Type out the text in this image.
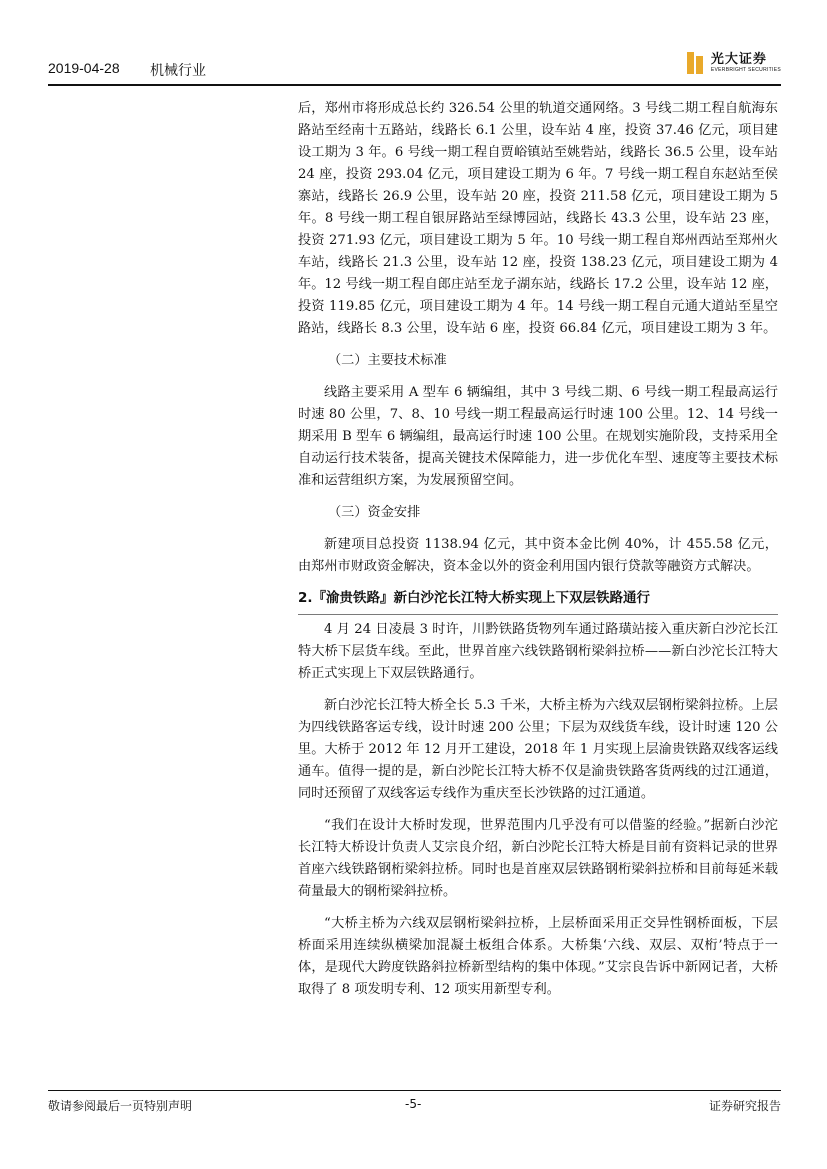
2019-04-28 机械行业
光大证券
EVERBRIGHT SECURITIES

后，郑州市将形成总长约 326.54 公里的轨道交通网络。3 号线二期工程自航海东路站至经南十五路站，线路长 6.1 公里，设车站 4 座，投资 37.46 亿元，项目建设工期为 3 年。6 号线一期工程自贾峪镇站至姚砦站，线路长 36.5 公里，设车站 24 座，投资 293.04 亿元，项目建设工期为 6 年。7 号线一期工程自东赵站至侯寨站，线路长 26.9 公里，设车站 20 座，投资 211.58 亿元，项目建设工期为 5 年。8 号线一期工程自银屏路站至绿博园站，线路长 43.3 公里，设车站 23 座，投资 271.93 亿元，项目建设工期为 5 年。10 号线一期工程自郑州西站至郑州火车站，线路长 21.3 公里，设车站 12 座，投资 138.23 亿元，项目建设工期为 4 年。12 号线一期工程自郎庄站至龙子湖东站，线路长 17.2 公里，设车站 12 座，投资 119.85 亿元，项目建设工期为 4 年。14 号线一期工程自元通大道站至星空路站，线路长 8.3 公里，设车站 6 座，投资 66.84 亿元，项目建设工期为 3 年。

（二）主要技术标准

线路主要采用 A 型车 6 辆编组，其中 3 号线二期、6 号线一期工程最高运行时速 80 公里，7、8、10 号线一期工程最高运行时速 100 公里。12、14 号线一期采用 B 型车 6 辆编组，最高运行时速 100 公里。在规划实施阶段，支持采用全自动运行技术装备，提高关键技术保障能力，进一步优化车型、速度等主要技术标准和运营组织方案，为发展预留空间。

（三）资金安排

新建项目总投资 1138.94 亿元，其中资本金比例 40%，计 455.58 亿元，由郑州市财政资金解决，资本金以外的资金利用国内银行贷款等融资方式解决。

2.『渝贵铁路』新白沙沱长江特大桥实现上下双层铁路通行

4 月 24 日凌晨 3 时许，川黔铁路货物列车通过路璜站接入重庆新白沙沱长江特大桥下层货车线。至此，世界首座六线铁路钢桁梁斜拉桥——新白沙沱长江特大桥正式实现上下双层铁路通行。

新白沙沱长江特大桥全长 5.3 千米，大桥主桥为六线双层钢桁梁斜拉桥。上层为四线铁路客运专线，设计时速 200 公里；下层为双线货车线，设计时速 120 公里。大桥于 2012 年 12 月开工建设，2018 年 1 月实现上层渝贵铁路双线客运线通车。值得一提的是，新白沙陀长江特大桥不仅是渝贵铁路客货两线的过江通道，同时还预留了双线客运专线作为重庆至长沙铁路的过江通道。

“我们在设计大桥时发现，世界范围内几乎没有可以借鉴的经验。”据新白沙沱长江特大桥设计负责人艾宗良介绍，新白沙陀长江特大桥是目前有资料记录的世界首座六线铁路钢桁梁斜拉桥。同时也是首座双层铁路钢桁梁斜拉桥和目前每延米载荷量最大的钢桁梁斜拉桥。

“大桥主桥为六线双层钢桁梁斜拉桥，上层桥面采用正交异性钢桥面板，下层桥面采用连续纵横梁加混凝土板组合体系。大桥集‘六线、双层、双桁’特点于一体，是现代大跨度铁路斜拉桥新型结构的集中体现。”艾宗良告诉中新网记者，大桥取得了 8 项发明专利、12 项实用新型专利。

敬请参阅最后一页特别声明	-5-	证券研究报告
